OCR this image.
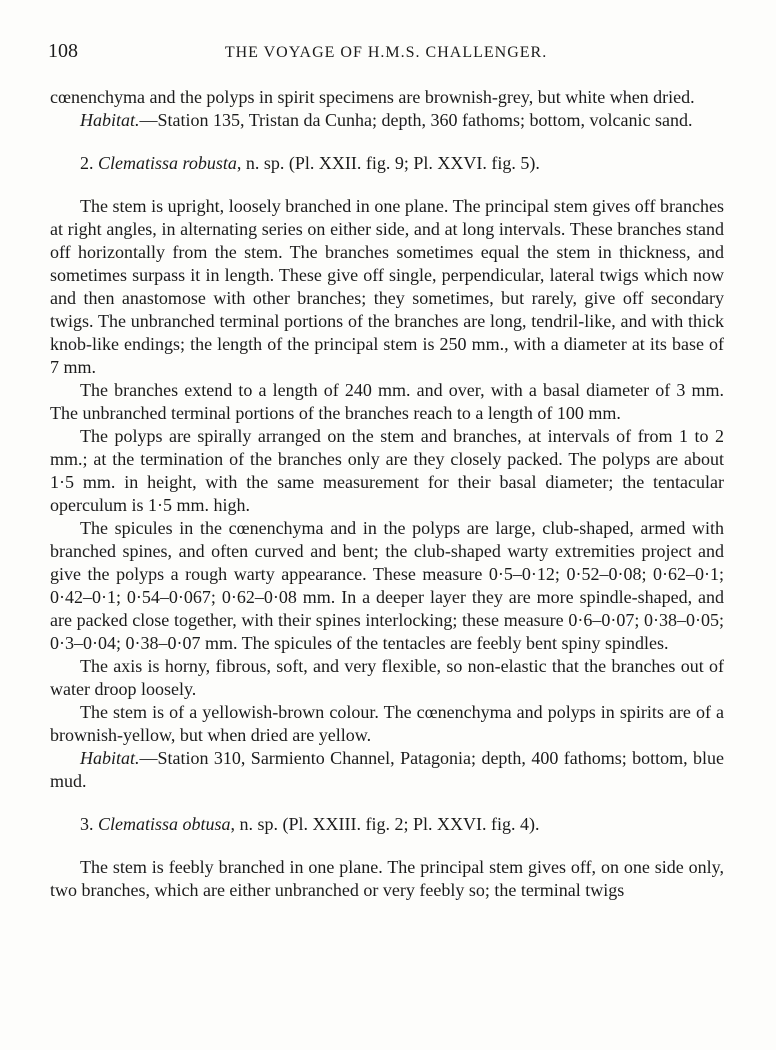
108	THE VOYAGE OF H.M.S. CHALLENGER.

cœnenchyma and the polyps in spirit specimens are brownish-grey, but white when dried.

Habitat.—Station 135, Tristan da Cunha; depth, 360 fathoms; bottom, volcanic sand.

2. Clematissa robusta, n. sp. (Pl. XXII. fig. 9; Pl. XXVI. fig. 5).

The stem is upright, loosely branched in one plane. The principal stem gives off branches at right angles, in alternating series on either side, and at long intervals. These branches stand off horizontally from the stem. The branches sometimes equal the stem in thickness, and sometimes surpass it in length. These give off single, perpendicular, lateral twigs which now and then anastomose with other branches; they sometimes, but rarely, give off secondary twigs. The unbranched terminal portions of the branches are long, tendril-like, and with thick knob-like endings; the length of the principal stem is 250 mm., with a diameter at its base of 7 mm.

The branches extend to a length of 240 mm. and over, with a basal diameter of 3 mm. The unbranched terminal portions of the branches reach to a length of 100 mm.

The polyps are spirally arranged on the stem and branches, at intervals of from 1 to 2 mm.; at the termination of the branches only are they closely packed. The polyps are about 1·5 mm. in height, with the same measurement for their basal diameter; the tentacular operculum is 1·5 mm. high.

The spicules in the cœnenchyma and in the polyps are large, club-shaped, armed with branched spines, and often curved and bent; the club-shaped warty extremities project and give the polyps a rough warty appearance. These measure 0·5–0·12; 0·52–0·08; 0·62–0·1; 0·42–0·1; 0·54–0·067; 0·62–0·08 mm. In a deeper layer they are more spindle-shaped, and are packed close together, with their spines interlocking; these measure 0·6–0·07; 0·38–0·05; 0·3–0·04; 0·38–0·07 mm. The spicules of the tentacles are feebly bent spiny spindles.

The axis is horny, fibrous, soft, and very flexible, so non-elastic that the branches out of water droop loosely.

The stem is of a yellowish-brown colour. The cœnenchyma and polyps in spirits are of a brownish-yellow, but when dried are yellow.

Habitat.—Station 310, Sarmiento Channel, Patagonia; depth, 400 fathoms; bottom, blue mud.

3. Clematissa obtusa, n. sp. (Pl. XXIII. fig. 2; Pl. XXVI. fig. 4).

The stem is feebly branched in one plane. The principal stem gives off, on one side only, two branches, which are either unbranched or very feebly so; the terminal twigs
